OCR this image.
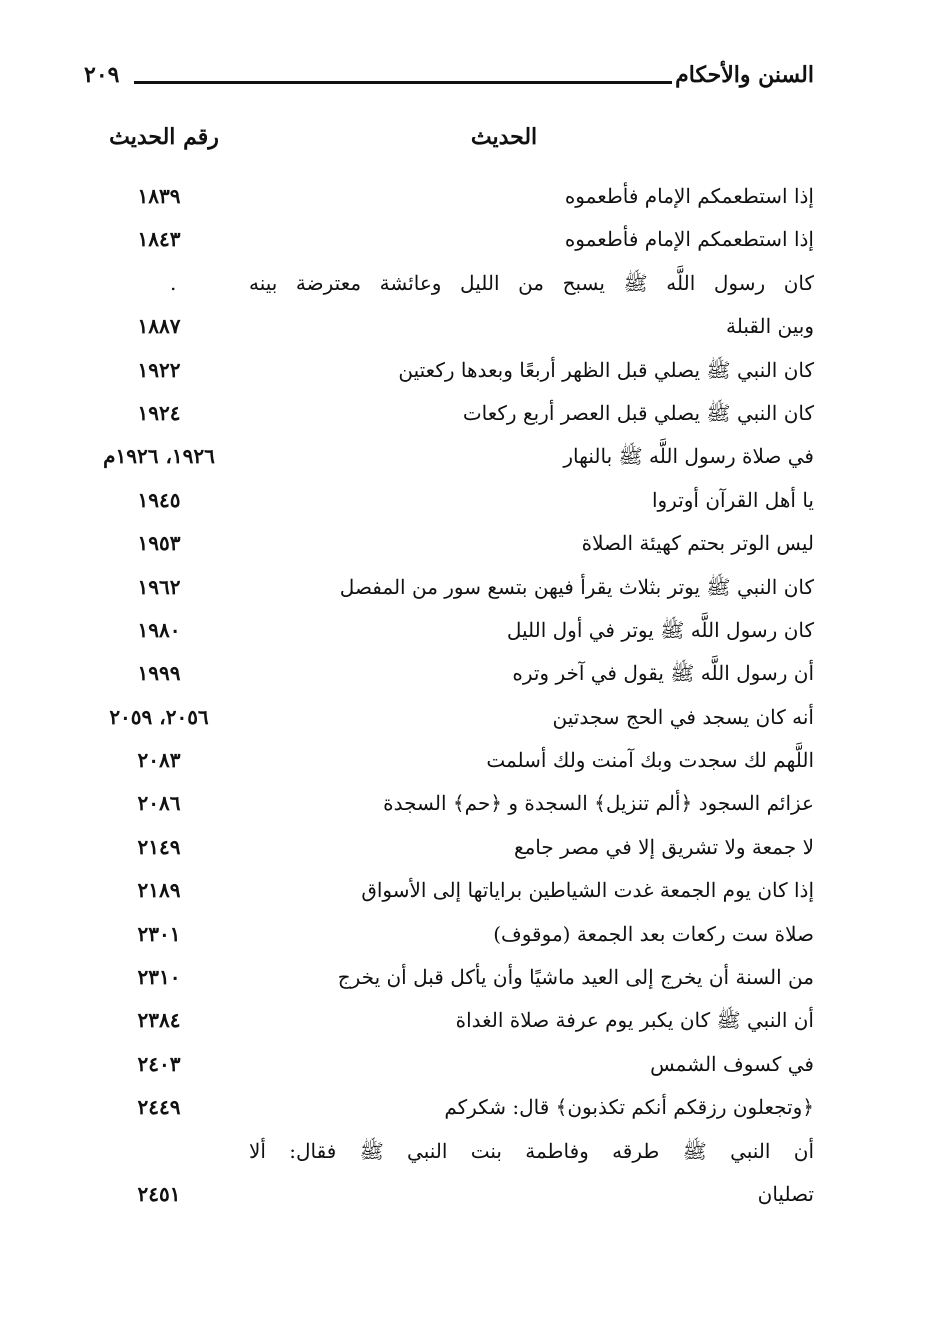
السنن والأحكام
٢٠٩
الحديث
رقم الحديث
إذا استطعمكم الإمام فأطعموه
١٨٣٩
إذا استطعمكم الإمام فأطعموه
١٨٤٣
كان رسول اللَّه ﷺ يسبح من الليل وعائشة معترضة بينه
.
وبين القبلة
١٨٨٧
كان النبي ﷺ يصلي قبل الظهر أربعًا وبعدها ركعتين
١٩٢٢
كان النبي ﷺ يصلي قبل العصر أربع ركعات
١٩٢٤
في صلاة رسول اللَّه ﷺ بالنهار
١٩٢٦، ١٩٢٦م
يا أهل القرآن أوتروا
١٩٤٥
ليس الوتر بحتم كهيئة الصلاة
١٩٥٣
كان النبي ﷺ يوتر بثلاث يقرأ فيهن بتسع سور من المفصل
١٩٦٢
كان رسول اللَّه ﷺ يوتر في أول الليل
١٩٨٠
أن رسول اللَّه ﷺ يقول في آخر وتره
١٩٩٩
أنه كان يسجد في الحج سجدتين
٢٠٥٦، ٢٠٥٩
اللَّهم لك سجدت وبك آمنت ولك أسلمت
٢٠٨٣
عزائم السجود ﴿ألم تنزيل﴾ السجدة و ﴿حم﴾ السجدة
٢٠٨٦
لا جمعة ولا تشريق إلا في مصر جامع
٢١٤٩
إذا كان يوم الجمعة غدت الشياطين براياتها إلى الأسواق
٢١٨٩
صلاة ست ركعات بعد الجمعة (موقوف)
٢٣٠١
من السنة أن يخرج إلى العيد ماشيًا وأن يأكل قبل أن يخرج
٢٣١٠
أن النبي ﷺ كان يكبر يوم عرفة صلاة الغداة
٢٣٨٤
في كسوف الشمس
٢٤٠٣
﴿وتجعلون رزقكم أنكم تكذبون﴾ قال: شكركم
٢٤٤٩
أن النبي ﷺ طرقه وفاطمة بنت النبي ﷺ فقال: ألا
تصليان
٢٤٥١
